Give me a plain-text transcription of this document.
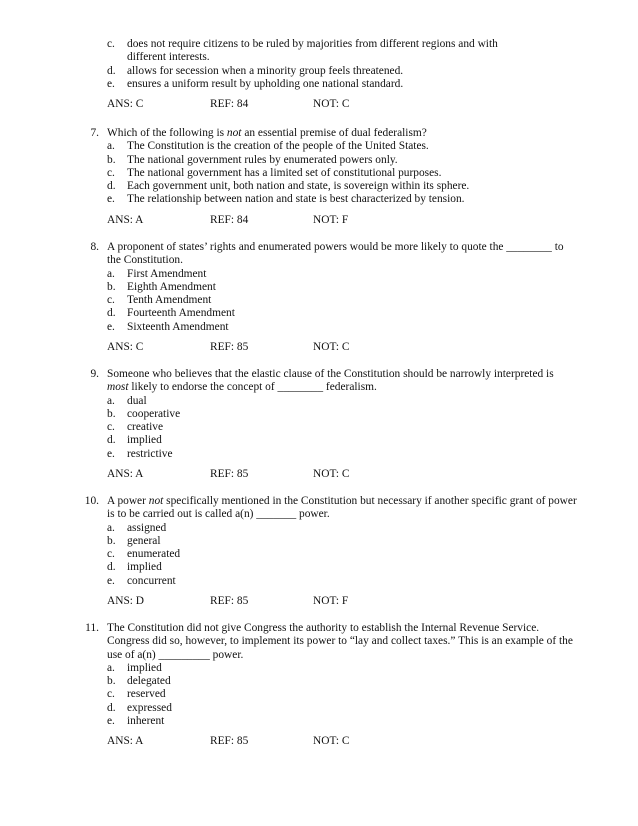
c. does not require citizens to be ruled by majorities from different regions and with
different interests.
d. allows for secession when a minority group feels threatened.
e. ensures a uniform result by upholding one national standard.
ANS: C	REF: 84	NOT: C
7. Which of the following is not an essential premise of dual federalism?
a. The Constitution is the creation of the people of the United States.
b. The national government rules by enumerated powers only.
c. The national government has a limited set of constitutional purposes.
d. Each government unit, both nation and state, is sovereign within its sphere.
e. The relationship between nation and state is best characterized by tension.
ANS: A	REF: 84	NOT: F
8. A proponent of states’ rights and enumerated powers would be more likely to quote the ________ to
the Constitution.
a. First Amendment
b. Eighth Amendment
c. Tenth Amendment
d. Fourteenth Amendment
e. Sixteenth Amendment
ANS: C	REF: 85	NOT: C
9. Someone who believes that the elastic clause of the Constitution should be narrowly interpreted is
most likely to endorse the concept of ________ federalism.
a. dual
b. cooperative
c. creative
d. implied
e. restrictive
ANS: A	REF: 85	NOT: C
10. A power not specifically mentioned in the Constitution but necessary if another specific grant of power
is to be carried out is called a(n) _______ power.
a. assigned
b. general
c. enumerated
d. implied
e. concurrent
ANS: D	REF: 85	NOT: F
11. The Constitution did not give Congress the authority to establish the Internal Revenue Service.
Congress did so, however, to implement its power to “lay and collect taxes.” This is an example of the
use of a(n) _________ power.
a. implied
b. delegated
c. reserved
d. expressed
e. inherent
ANS: A	REF: 85	NOT: C
